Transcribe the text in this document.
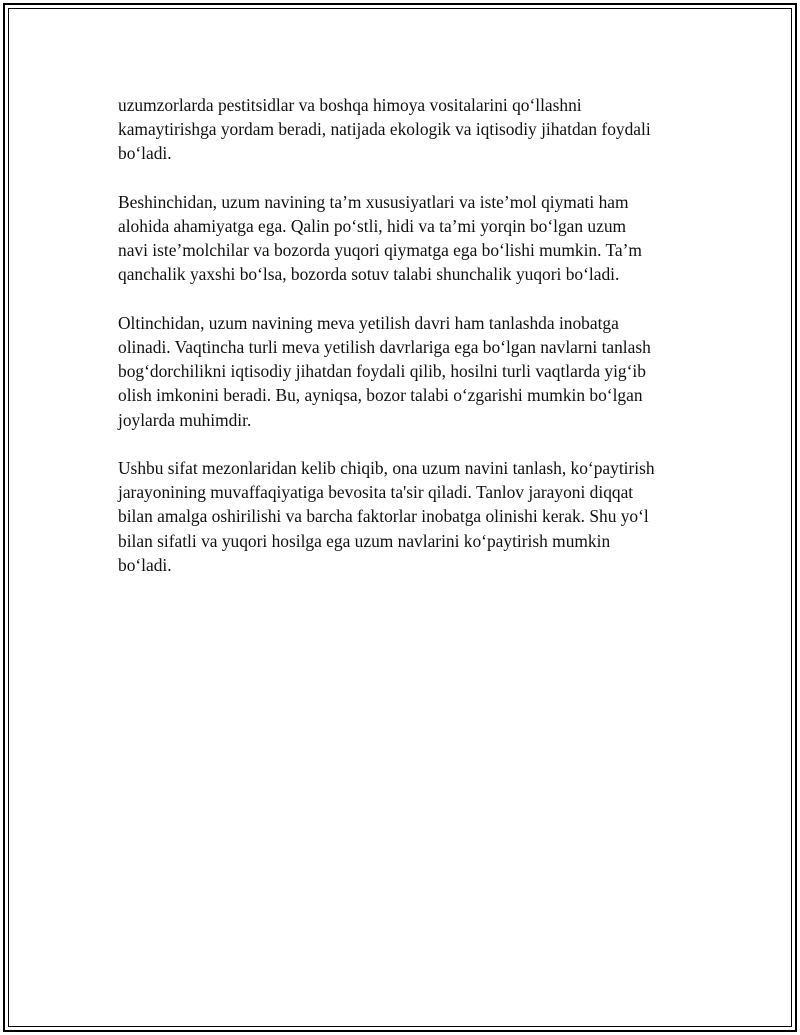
uzumzorlarda pestitsidlar va boshqa himoya vositalarini qo‘llashni
kamaytirishga yordam beradi, natijada ekologik va iqtisodiy jihatdan foydali
bo‘ladi.

Beshinchidan, uzum navining ta’m xususiyatlari va iste’mol qiymati ham
alohida ahamiyatga ega. Qalin po‘stli, hidi va ta’mi yorqin bo‘lgan uzum
navi iste’molchilar va bozorda yuqori qiymatga ega bo‘lishi mumkin. Ta’m
qanchalik yaxshi bo‘lsa, bozorda sotuv talabi shunchalik yuqori bo‘ladi.

Oltinchidan, uzum navining meva yetilish davri ham tanlashda inobatga
olinadi. Vaqtincha turli meva yetilish davrlariga ega bo‘lgan navlarni tanlash
bog‘dorchilikni iqtisodiy jihatdan foydali qilib, hosilni turli vaqtlarda yig‘ib
olish imkonini beradi. Bu, ayniqsa, bozor talabi o‘zgarishi mumkin bo‘lgan
joylarda muhimdir.

Ushbu sifat mezonlaridan kelib chiqib, ona uzum navini tanlash, ko‘paytirish
jarayonining muvaffaqiyatiga bevosita ta'sir qiladi. Tanlov jarayoni diqqat
bilan amalga oshirilishi va barcha faktorlar inobatga olinishi kerak. Shu yo‘l
bilan sifatli va yuqori hosilga ega uzum navlarini ko‘paytirish mumkin
bo‘ladi.
